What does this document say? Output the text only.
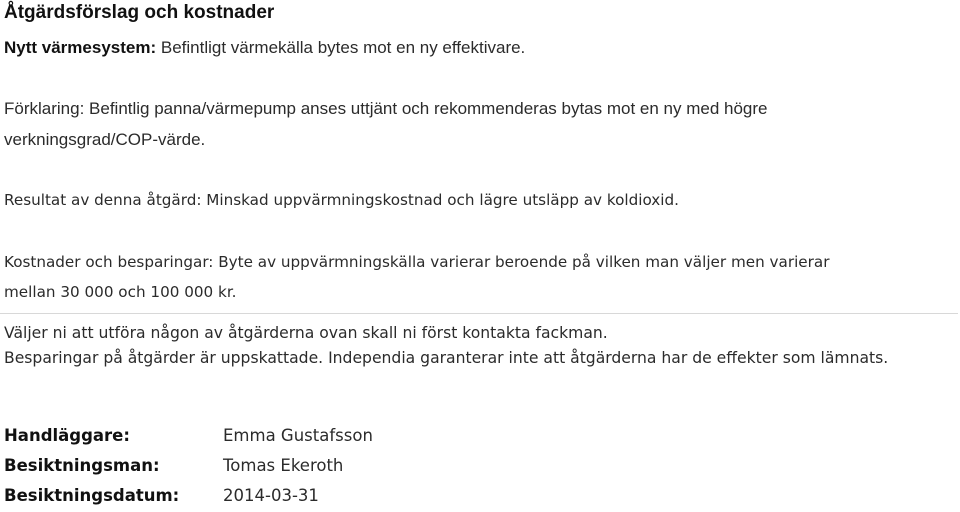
Åtgärdsförslag och kostnader

Nytt värmesystem: Befintligt värmekälla bytes mot en ny effektivare.

Förklaring: Befintlig panna/värmepump anses uttjänt och rekommenderas bytas mot en ny med högre

verkningsgrad/COP-värde.

Resultat av denna åtgärd: Minskad uppvärmningskostnad och lägre utsläpp av koldioxid.

Kostnader och besparingar: Byte av uppvärmningskälla varierar beroende på vilken man väljer men varierar

mellan 30 000 och 100 000 kr.

Väljer ni att utföra någon av åtgärderna ovan skall ni först kontakta fackman.

Besparingar på åtgärder är uppskattade. Independia garanterar inte att åtgärderna har de effekter som lämnats.

Handläggare:	Emma Gustafsson
Besiktningsman:	Tomas Ekeroth
Besiktningsdatum:	2014-03-31
